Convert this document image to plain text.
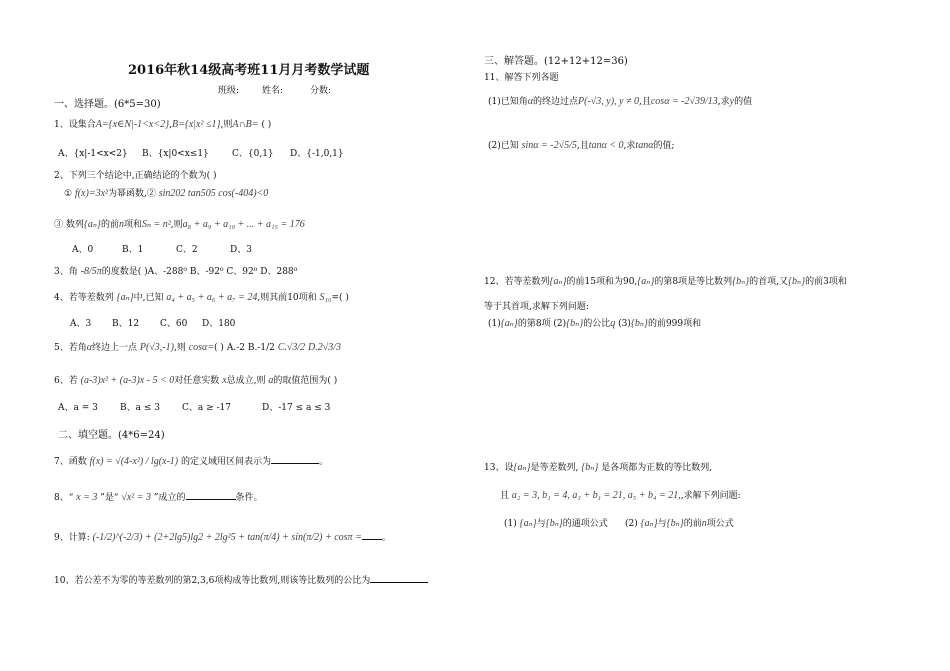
2016年秋14级高考班11月月考数学试题
班级:	姓名:	分数:
一、选择题。(6*5=30)
1、设集合A={x∈N|-1<x<2},B={x|x² ≤1},则A∩B= ( )
A、{x|-1<x<2} B、{x|0<x≤1}	C、{0,1} D、{-1,0,1}
2、下列三个结论中,正确结论的个数为( )
① f(x)=3x²为幂函数,② sin202 tan505 cos(-404)<0
③ 数列{aₙ}的前n项和Sₙ = n²,则a₈ + a₉ + a₁₀ + ... + a₁₅ = 176
A、0	B、1	C、2	D、3
3、角 -8/5π的度数是( )A、-288⁰ B、-92⁰ C、92⁰ D、288⁰
4、若等差数列 {aₙ}中,已知 a₄ + a₅ + a₆ + a₇ = 24,则其前10项和 S₁₀=( )
A、3 B、12 C、60 D、180
5、若角α终边上一点 P(√3,-1),则 cosα=( ) A.-2 B.-1/2 C.√3/2 D.2√3/3
6、若 (a-3)x² + (a-3)x - 5 < 0对任意实数 x总成立,则 a的取值范围为( )
A、a = 3 B、a ≤ 3 C、a ≥ -17	D、-17 ≤ a ≤ 3
二、填空题。(4*6=24)
7、函数 f(x) = √(4-x²) / lg(x-1) 的定义域用区间表示为	。
8、“ x = 3 ”是“ √x² = 3 ”成立的	条件。
9、计算: (-1/2)^(-2/3) + (2+2lg5)lg2 + 2lg²5 + tan(π/4) + sin(π/2) + cosπ = 。
10、若公差不为零的等差数列的第2,3,6项构成等比数列,则该等比数列的公比为
三、解答题。(12+12+12=36)
11、解答下列各题
(1)已知角α的终边过点P(-√3, y), y ≠ 0,且cosα = -2√39/13,求y的值
(2)已知 sinα = -2√5/5,且tanα < 0,求tanα的值;
12、若等差数列{aₙ}的前15项和为90,{aₙ}的第8项是等比数列{bₙ}的首项,又{bₙ}的前3项和
等于其首项,求解下列问题:
(1){aₙ}的第8项 (2){bₙ}的公比q (3){bₙ}的前999项和
13、设{aₙ}是等差数列, {bₙ} 是各项都为正数的等比数列,
且 a₂ = 3, b₁ = 4, a₃ + b₁ = 21, a₅ + b₄ = 21,,求解下列问题:
(1) {aₙ}与{bₙ}的通项公式 (2) {aₙ}与{bₙ}的前n项公式
